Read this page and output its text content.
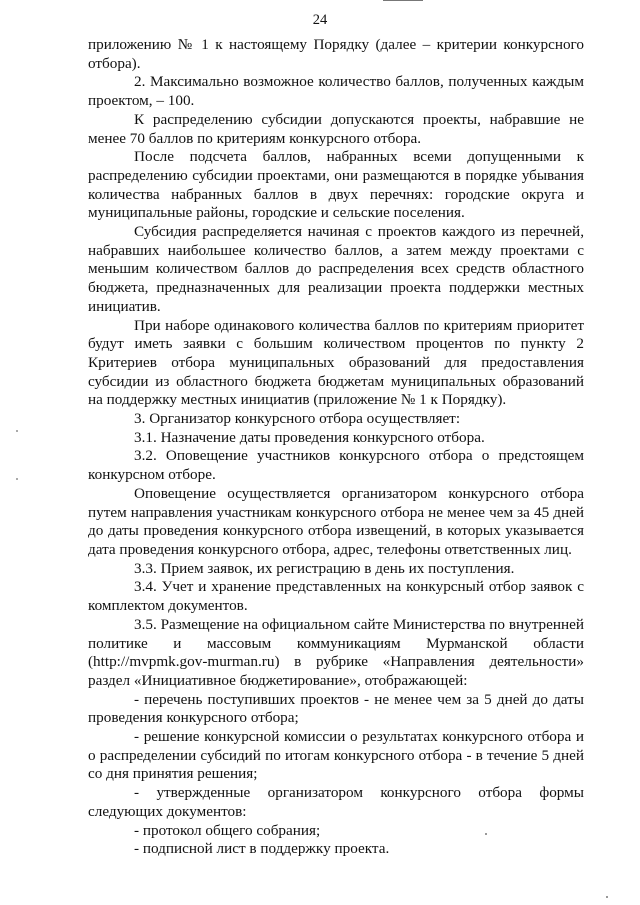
24

приложению № 1 к настоящему Порядку (далее – критерии конкурсного отбора).

2. Максимально возможное количество баллов, полученных каждым проектом, – 100.

К распределению субсидии допускаются проекты, набравшие не менее 70 баллов по критериям конкурсного отбора.

После подсчета баллов, набранных всеми допущенными к распределению субсидии проектами, они размещаются в порядке убывания количества набранных баллов в двух перечнях: городские округа и муниципальные районы, городские и сельские поселения.

Субсидия распределяется начиная с проектов каждого из перечней, набравших наибольшее количество баллов, а затем между проектами с меньшим количеством баллов до распределения всех средств областного бюджета, предназначенных для реализации проекта поддержки местных инициатив.

При наборе одинакового количества баллов по критериям приоритет будут иметь заявки с большим количеством процентов по пункту 2 Критериев отбора муниципальных образований для предоставления субсидии из областного бюджета бюджетам муниципальных образований на поддержку местных инициатив (приложение № 1 к Порядку).

3. Организатор конкурсного отбора осуществляет:

3.1. Назначение даты проведения конкурсного отбора.

3.2. Оповещение участников конкурсного отбора о предстоящем конкурсном отборе.

Оповещение осуществляется организатором конкурсного отбора путем направления участникам конкурсного отбора не менее чем за 45 дней до даты проведения конкурсного отбора извещений, в которых указывается дата проведения конкурсного отбора, адрес, телефоны ответственных лиц.

3.3. Прием заявок, их регистрацию в день их поступления.

3.4. Учет и хранение представленных на конкурсный отбор заявок с комплектом документов.

3.5. Размещение на официальном сайте Министерства по внутренней политике и массовым коммуникациям Мурманской области (http://mvpmk.gov-murman.ru) в рубрике «Направления деятельности» раздел «Инициативное бюджетирование», отображающей:

- перечень поступивших проектов - не менее чем за 5 дней до даты проведения конкурсного отбора;

- решение конкурсной комиссии о результатах конкурсного отбора и о распределении субсидий по итогам конкурсного отбора - в течение 5 дней со дня принятия решения;

- утвержденные организатором конкурсного отбора формы следующих документов:

- протокол общего собрания;

- подписной лист в поддержку проекта.
